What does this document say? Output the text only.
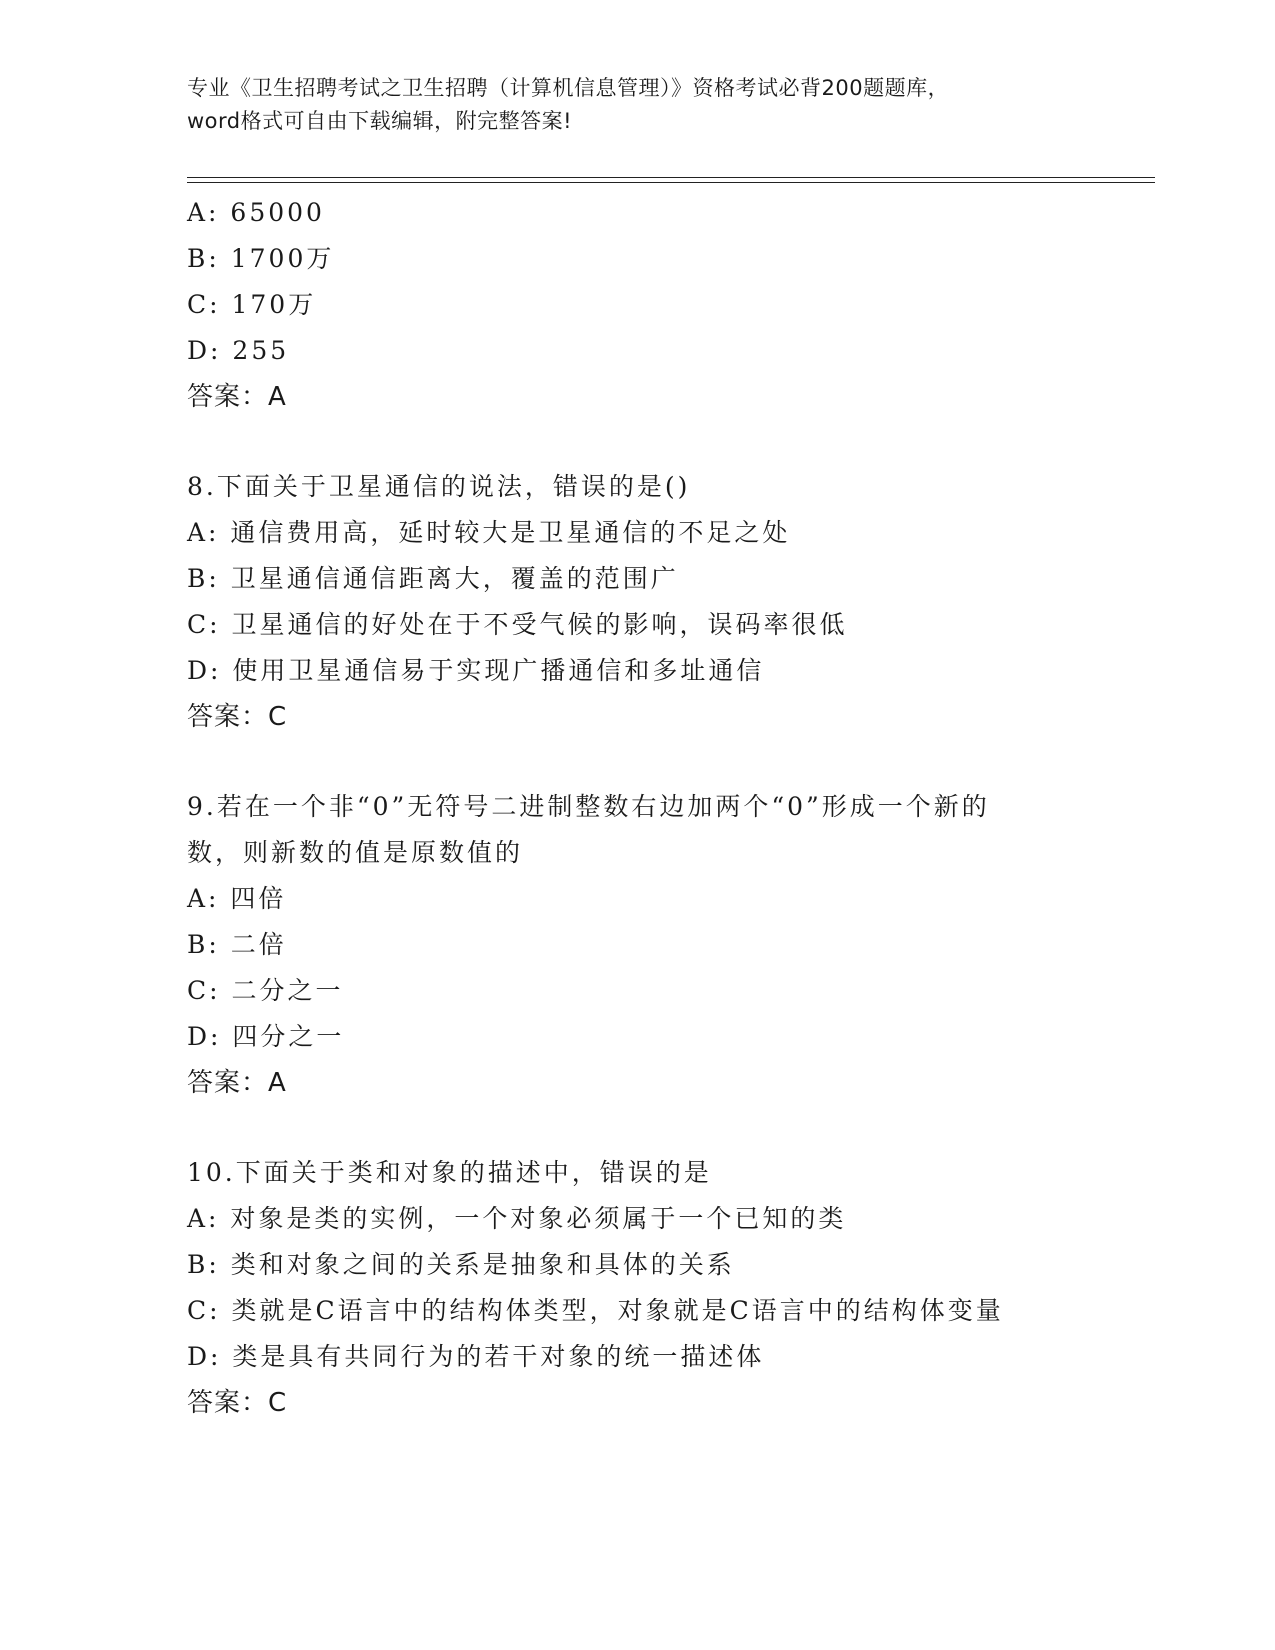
专业《卫生招聘考试之卫生招聘（计算机信息管理）》资格考试必背200题题库，
word格式可自由下载编辑，附完整答案!
A: 65000
B: 1700万
C: 170万
D: 255
答案：A
8.下面关于卫星通信的说法，错误的是()
A: 通信费用高，延时较大是卫星通信的不足之处
B: 卫星通信通信距离大，覆盖的范围广
C: 卫星通信的好处在于不受气候的影响，误码率很低
D: 使用卫星通信易于实现广播通信和多址通信
答案：C
9.若在一个非“0”无符号二进制整数右边加两个“0”形成一个新的
数，则新数的值是原数值的
A: 四倍
B: 二倍
C: 二分之一
D: 四分之一
答案：A
10.下面关于类和对象的描述中，错误的是
A: 对象是类的实例，一个对象必须属于一个已知的类
B: 类和对象之间的关系是抽象和具体的关系
C: 类就是C语言中的结构体类型，对象就是C语言中的结构体变量
D: 类是具有共同行为的若干对象的统一描述体
答案：C
